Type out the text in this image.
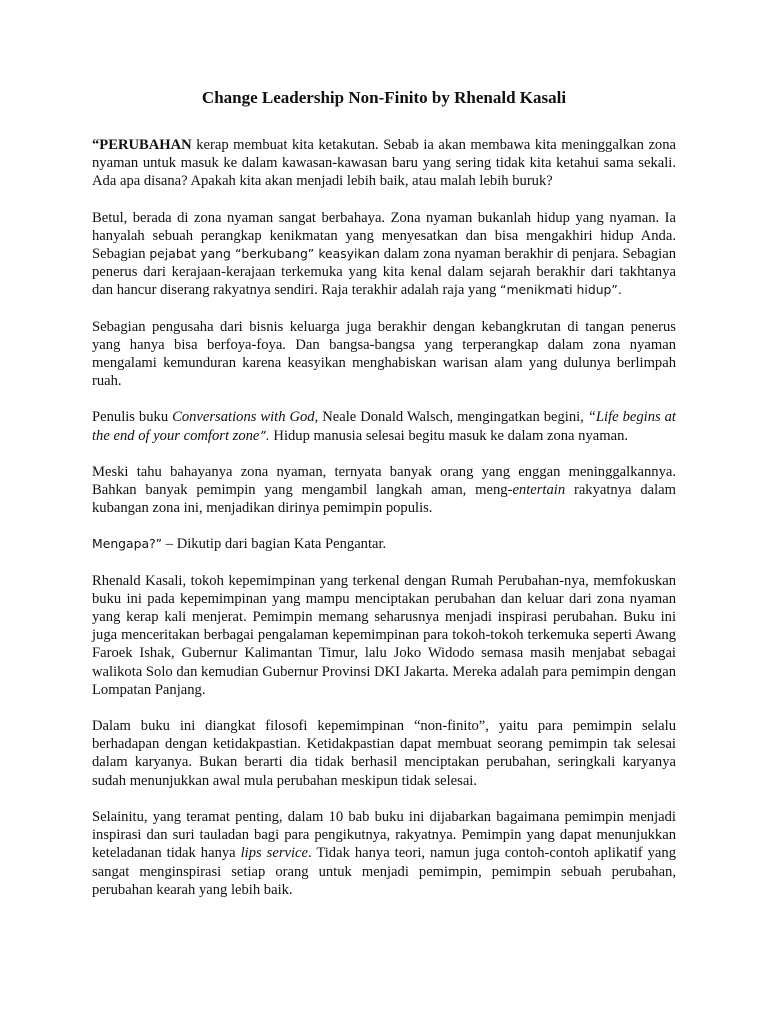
Change Leadership Non-Finito by Rhenald Kasali

“PERUBAHAN kerap membuat kita ketakutan. Sebab ia akan membawa kita meninggalkan zona nyaman untuk masuk ke dalam kawasan-kawasan baru yang sering tidak kita ketahui sama sekali. Ada apa disana? Apakah kita akan menjadi lebih baik, atau malah lebih buruk?

Betul, berada di zona nyaman sangat berbahaya. Zona nyaman bukanlah hidup yang nyaman. Ia hanyalah sebuah perangkap kenikmatan yang menyesatkan dan bisa mengakhiri hidup Anda. Sebagian pejabat yang “berkubang” keasyikan dalam zona nyaman berakhir di penjara. Sebagian penerus dari kerajaan-kerajaan terkemuka yang kita kenal dalam sejarah berakhir dari takhtanya dan hancur diserang rakyatnya sendiri. Raja terakhir adalah raja yang “menikmati hidup”.

Sebagian pengusaha dari bisnis keluarga juga berakhir dengan kebangkrutan di tangan penerus yang hanya bisa berfoya-foya. Dan bangsa-bangsa yang terperangkap dalam zona nyaman mengalami kemunduran karena keasyikan menghabiskan warisan alam yang dulunya berlimpah ruah.

Penulis buku Conversations with God, Neale Donald Walsch, mengingatkan begini, “Life begins at the end of your comfort zone”. Hidup manusia selesai begitu masuk ke dalam zona nyaman.

Meski tahu bahayanya zona nyaman, ternyata banyak orang yang enggan meninggalkannya. Bahkan banyak pemimpin yang mengambil langkah aman, meng-entertain rakyatnya dalam kubangan zona ini, menjadikan dirinya pemimpin populis.

Mengapa?” – Dikutip dari bagian Kata Pengantar.

Rhenald Kasali, tokoh kepemimpinan yang terkenal dengan Rumah Perubahan-nya, memfokuskan buku ini pada kepemimpinan yang mampu menciptakan perubahan dan keluar dari zona nyaman yang kerap kali menjerat. Pemimpin memang seharusnya menjadi inspirasi perubahan. Buku ini juga menceritakan berbagai pengalaman kepemimpinan para tokoh-tokoh terkemuka seperti Awang Faroek Ishak, Gubernur Kalimantan Timur, lalu Joko Widodo semasa masih menjabat sebagai walikota Solo dan kemudian Gubernur Provinsi DKI Jakarta. Mereka adalah para pemimpin dengan Lompatan Panjang.

Dalam buku ini diangkat filosofi kepemimpinan “non-finito”, yaitu para pemimpin selalu berhadapan dengan ketidakpastian. Ketidakpastian dapat membuat seorang pemimpin tak selesai dalam karyanya. Bukan berarti dia tidak berhasil menciptakan perubahan, seringkali karyanya sudah menunjukkan awal mula perubahan meskipun tidak selesai.

Selainitu, yang teramat penting, dalam 10 bab buku ini dijabarkan bagaimana pemimpin menjadi inspirasi dan suri tauladan bagi para pengikutnya, rakyatnya. Pemimpin yang dapat menunjukkan keteladanan tidak hanya lips service. Tidak hanya teori, namun juga contoh-contoh aplikatif yang sangat menginspirasi setiap orang untuk menjadi pemimpin, pemimpin sebuah perubahan, perubahan kearah yang lebih baik.
